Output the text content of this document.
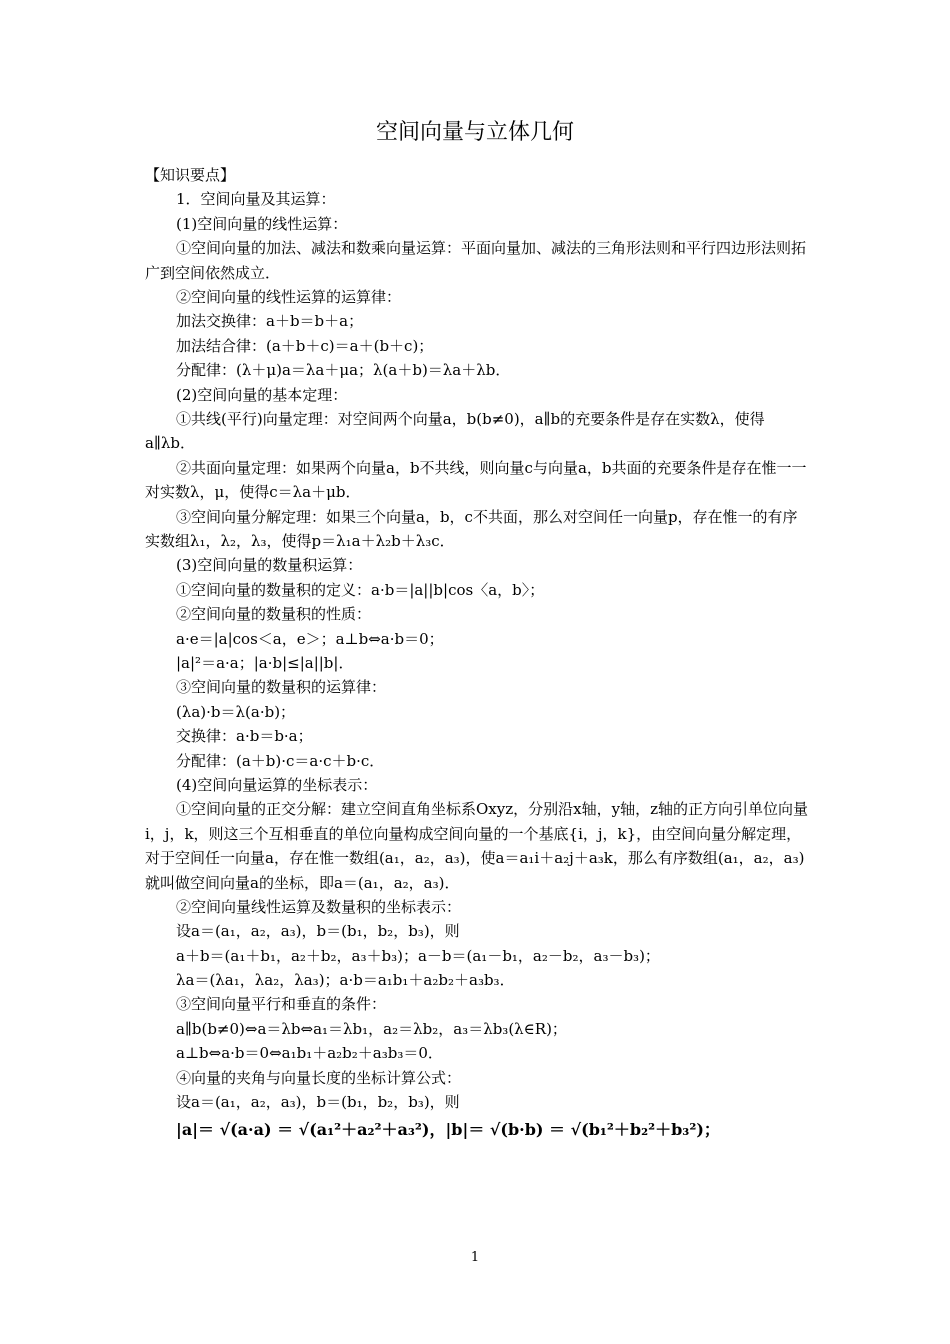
空间向量与立体几何
【知识要点】
1．空间向量及其运算：
(1)空间向量的线性运算：
①空间向量的加法、减法和数乘向量运算：平面向量加、减法的三角形法则和平行四边形法则拓广到空间依然成立．
②空间向量的线性运算的运算律：
加法交换律：a＋b＝b＋a；
加法结合律：(a＋b＋c)＝a＋(b＋c)；
分配律：(λ＋μ)a＝λa＋μa；λ(a＋b)＝λa＋λb．
(2)空间向量的基本定理：
①共线(平行)向量定理：对空间两个向量a，b(b≠0)，a∥b的充要条件是存在实数λ，使得a∥λb．
②共面向量定理：如果两个向量a，b不共线，则向量c与向量a，b共面的充要条件是存在惟一一对实数λ，μ，使得c＝λa＋μb．
③空间向量分解定理：如果三个向量a，b，c不共面，那么对空间任一向量p，存在惟一的有序实数组λ₁，λ₂，λ₃，使得p＝λ₁a＋λ₂b＋λ₃c．
(3)空间向量的数量积运算：
①空间向量的数量积的定义：a·b＝|a||b|cos〈a，b〉；
②空间向量的数量积的性质：
a·e＝|a|cos＜a，e＞；a⊥b⇔a·b＝0；
|a|²＝a·a；|a·b|≤|a||b|．
③空间向量的数量积的运算律：
(λa)·b＝λ(a·b)；
交换律：a·b＝b·a；
分配律：(a＋b)·c＝a·c＋b·c．
(4)空间向量运算的坐标表示：
①空间向量的正交分解：建立空间直角坐标系Oxyz，分别沿x轴，y轴，z轴的正方向引单位向量i，j，k，则这三个互相垂直的单位向量构成空间向量的一个基底{i，j，k}，由空间向量分解定理，对于空间任一向量a，存在惟一数组(a₁，a₂，a₃)，使a＝a₁i＋a₂j＋a₃k，那么有序数组(a₁，a₂，a₃)就叫做空间向量a的坐标，即a＝(a₁，a₂，a₃)．
②空间向量线性运算及数量积的坐标表示：
设a＝(a₁，a₂，a₃)，b＝(b₁，b₂，b₃)，则
a＋b＝(a₁＋b₁，a₂＋b₂，a₃＋b₃)；a－b＝(a₁－b₁，a₂－b₂，a₃－b₃)；
λa＝(λa₁，λa₂，λa₃)；a·b＝a₁b₁＋a₂b₂＋a₃b₃．
③空间向量平行和垂直的条件：
a∥b(b≠0)⇔a＝λb⇔a₁＝λb₁，a₂＝λb₂，a₃＝λb₃(λ∈R)；
a⊥b⇔a·b＝0⇔a₁b₁＋a₂b₂＋a₃b₃＝0．
④向量的夹角与向量长度的坐标计算公式：
设a＝(a₁，a₂，a₃)，b＝(b₁，b₂，b₃)，则
|a|＝ √(a·a) ＝ √(a₁²＋a₂²＋a₃²)，|b|＝ √(b·b) ＝ √(b₁²＋b₂²＋b₃²)；
1
